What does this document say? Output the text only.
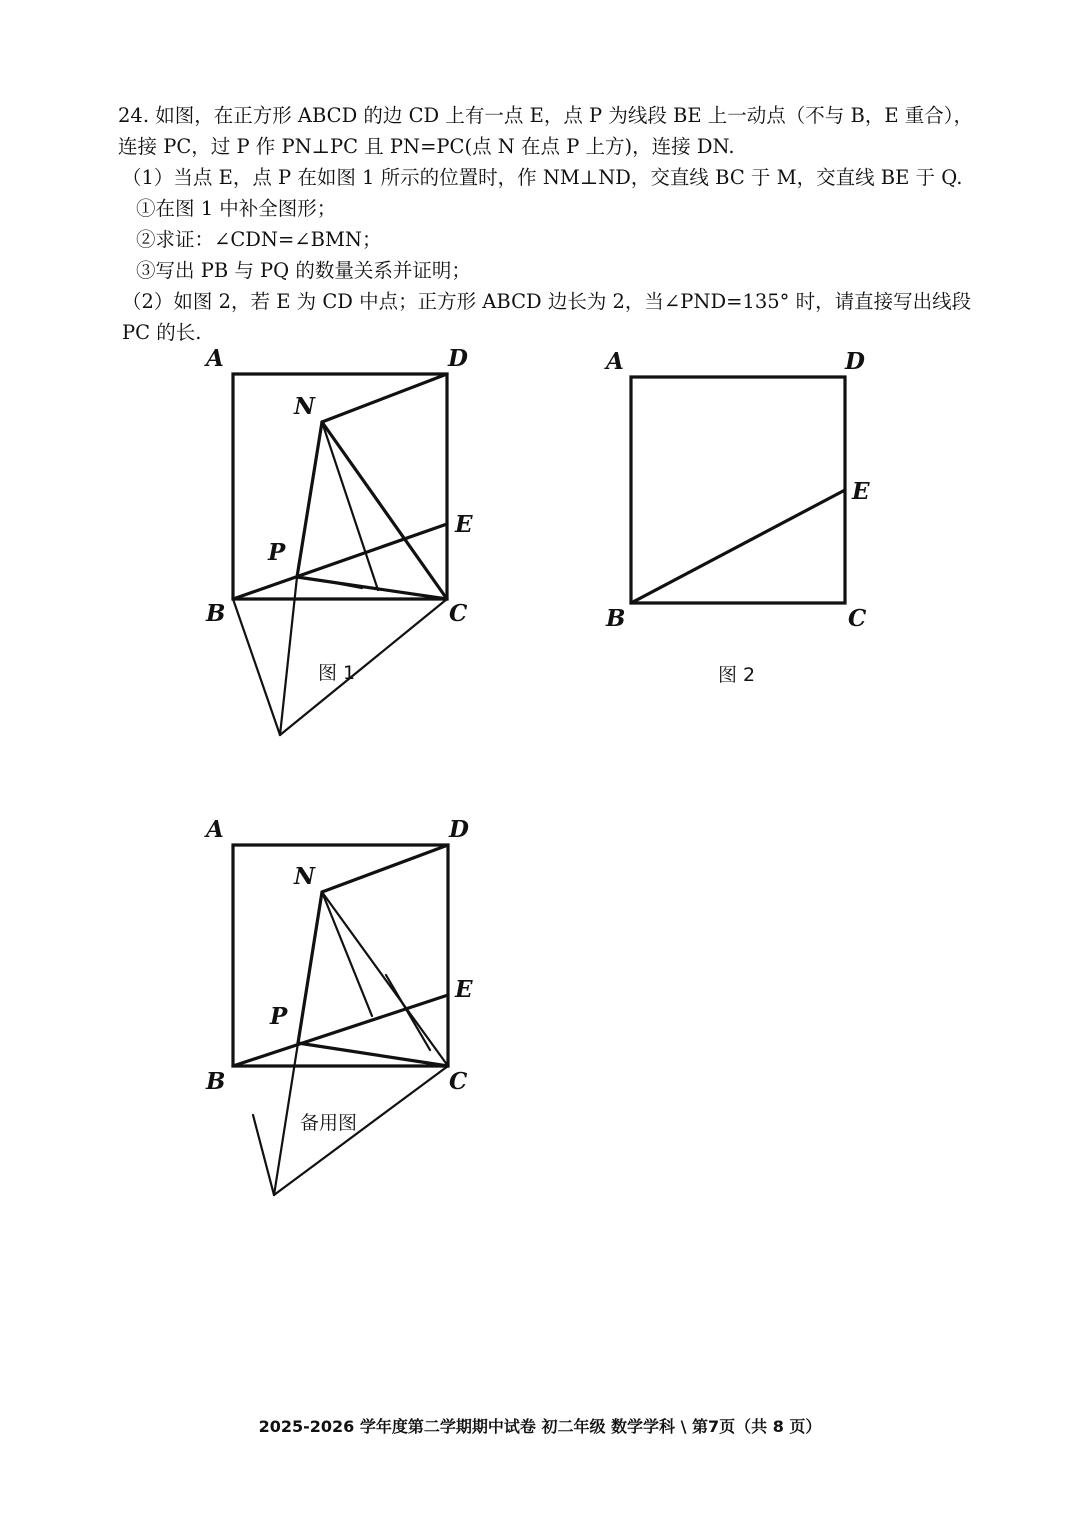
24. 如图，在正方形 ABCD 的边 CD 上有一点 E，点 P 为线段 BE 上一动点（不与 B，E 重合），连接 PC，过 P 作 PN⊥PC 且 PN=PC(点 N 在点 P 上方)，连接 DN.

（1）当点 E，点 P 在如图 1 所示的位置时，作 NM⊥ND，交直线 BC 于 M，交直线 BE 于 Q.

①在图 1 中补全图形；

②求证：∠CDN=∠BMN；

③写出 PB 与 PQ 的数量关系并证明；

（2）如图 2，若 E 为 CD 中点；正方形 ABCD 边长为 2，当∠PND=135° 时，请直接写出线段 PC 的长.

A	D
N
E
P
B	C
图 1
A	D
E
B	C
图 2
A	D
N
E
P
B	C
备用图
2025-2026 学年度第二学期期中试卷 初二年级 数学学科 \ 第7页（共 8 页）
